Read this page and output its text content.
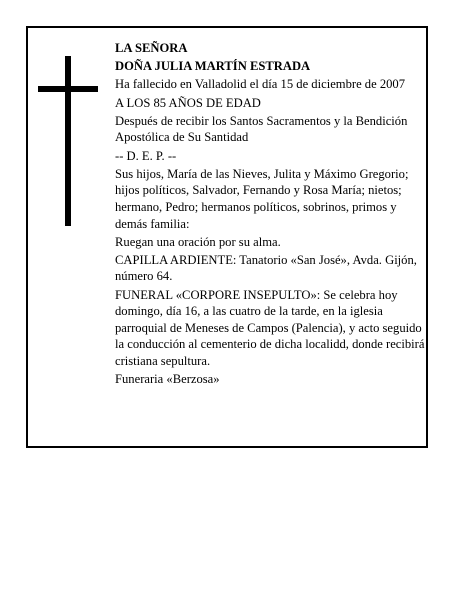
LA SEÑORA

DOÑA JULIA MARTÍN ESTRADA

Ha fallecido en Valladolid el día 15 de diciembre de 2007

A LOS 85 AÑOS DE EDAD

Después de recibir los Santos Sacramentos y la Bendición Apostólica de Su Santidad

-- D. E. P. --

Sus hijos, María de las Nieves, Julita y Máximo Gregorio; hijos políticos, Salvador, Fernando y Rosa María; nietos; hermano, Pedro; hermanos políticos, sobrinos, primos y demás familia:

Ruegan una oración por su alma.

CAPILLA ARDIENTE: Tanatorio «San José», Avda. Gijón, número 64.

FUNERAL «CORPORE INSEPULTO»: Se celebra hoy domingo, día 16, a las cuatro de la tarde, en la iglesia parroquial de Meneses de Campos (Palencia), y acto seguido la conducción al cementerio de dicha localidd, donde recibirá cristiana sepultura.

Funeraria «Berzosa»
